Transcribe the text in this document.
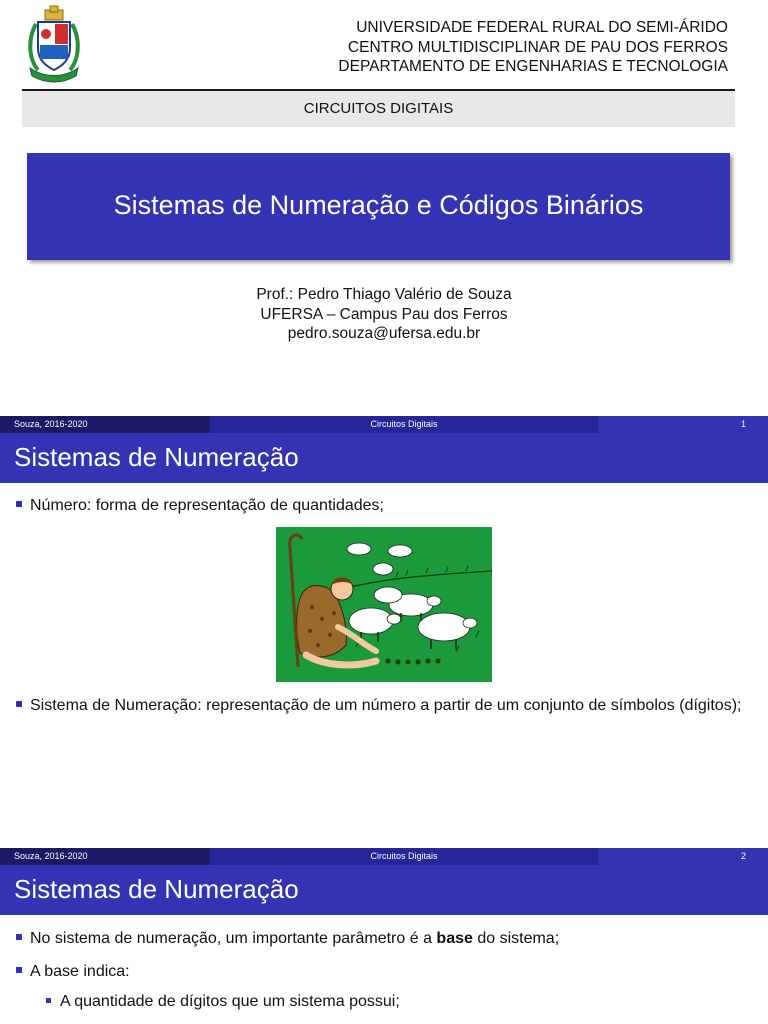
UNIVERSIDADE FEDERAL RURAL DO SEMI-ÁRIDO
CENTRO MULTIDISCIPLINAR DE PAU DOS FERROS
DEPARTAMENTO DE ENGENHARIAS E TECNOLOGIA
CIRCUITOS DIGITAIS
Sistemas de Numeração e Códigos Binários
Prof.: Pedro Thiago Valério de Souza
UFERSA – Campus Pau dos Ferros
pedro.souza@ufersa.edu.br
Souza, 2016-2020	Circuitos Digitais	1
Sistemas de Numeração
Número: forma de representação de quantidades;
Sistema de Numeração: representação de um número a partir de um conjunto de símbolos (dígitos);
Souza, 2016-2020	Circuitos Digitais	2
Sistemas de Numeração
No sistema de numeração, um importante parâmetro é a base do sistema;
A base indica:
A quantidade de dígitos que um sistema possui;
